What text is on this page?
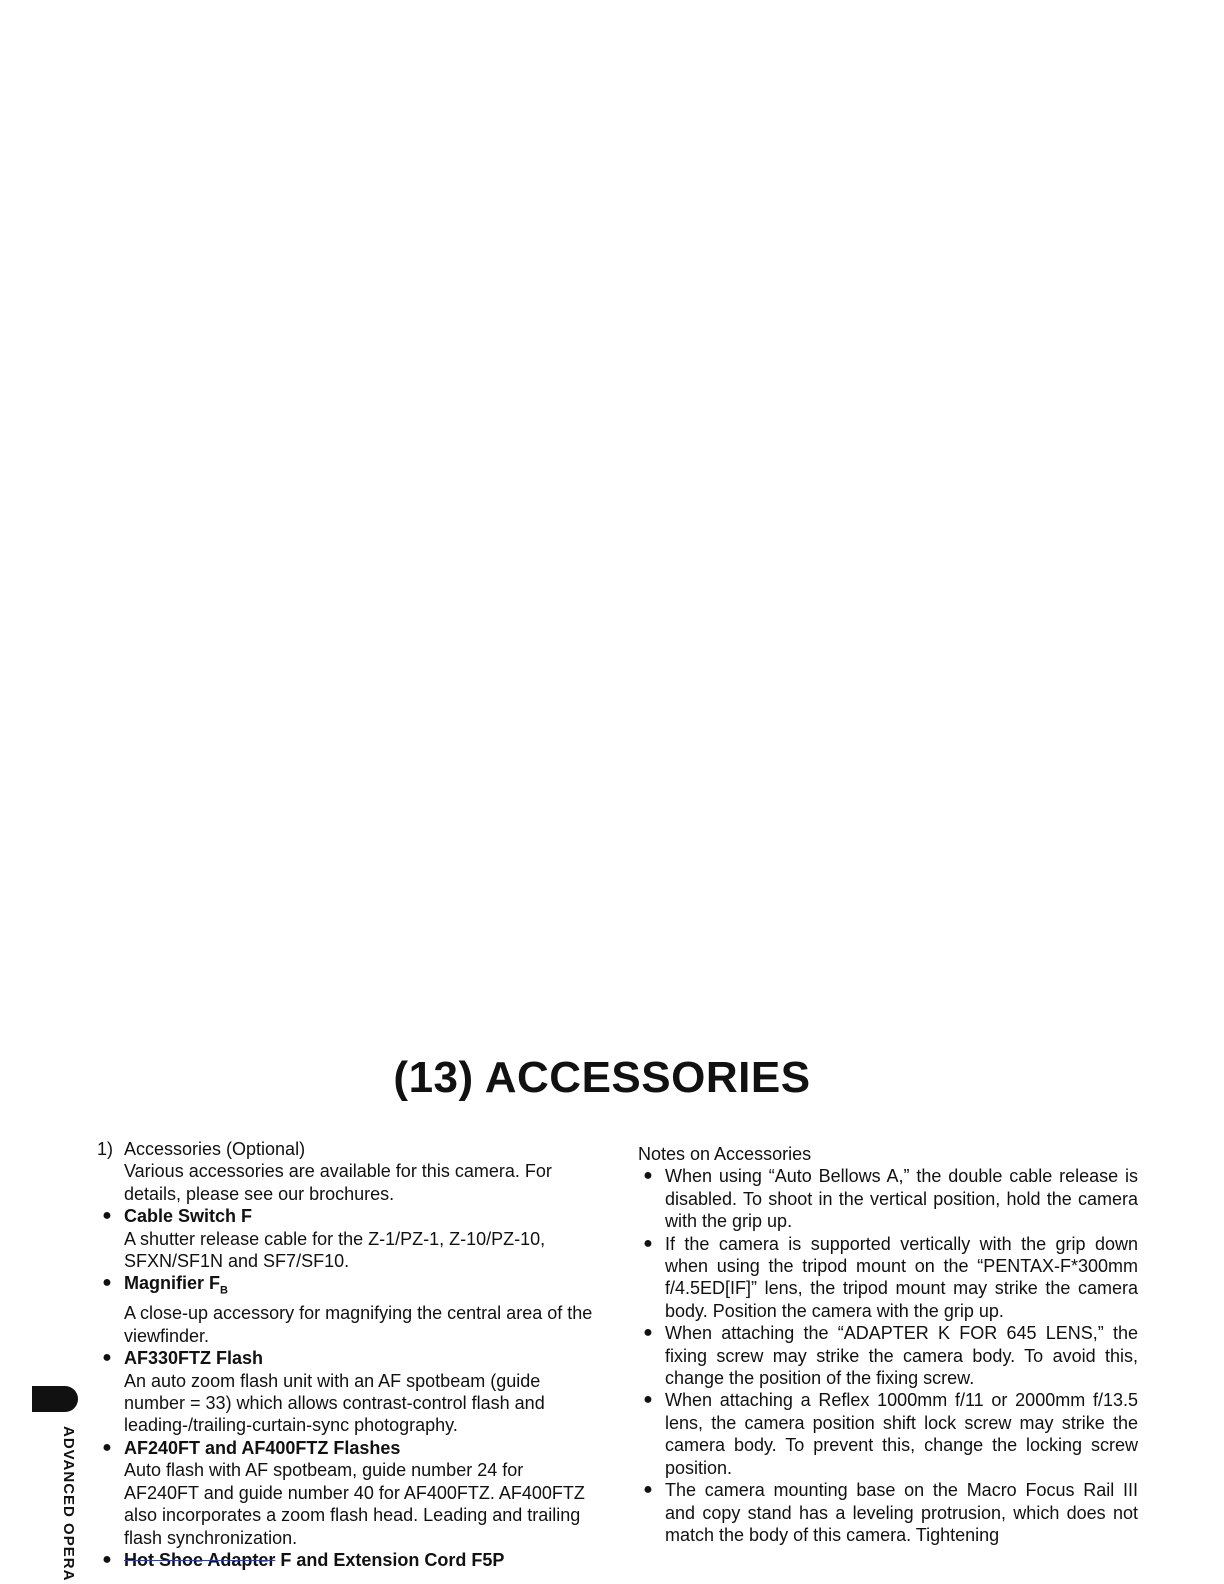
(13) ACCESSORIES
1) Accessories (Optional)
Various accessories are available for this camera. For details, please see our brochures.
● Cable Switch F
A shutter release cable for the Z-1/PZ-1, Z-10/PZ-10, SFXN/SF1N and SF7/SF10.
● Magnifier $F_B$
A close-up accessory for magnifying the central area of the viewfinder.
● AF330FTZ Flash
An auto zoom flash unit with an AF spotbeam (guide number = 33) which allows contrast-control flash and leading-/trailing-curtain-sync photography.
● AF240FT and AF400FTZ Flashes
Auto flash with AF spotbeam, guide number 24 for AF240FT and guide number 40 for AF400FTZ. AF400FTZ also incorporates a zoom flash head. Leading and trailing flash synchronization.
● Hot Shoe Adapter F and Extension Cord F5P
Notes on Accessories
● When using “Auto Bellows A,” the double cable release is disabled. To shoot in the vertical position, hold the camera with the grip up.
● If the camera is supported vertically with the grip down when using the tripod mount on the “PENTAX-F*300mm f/4.5ED[IF]” lens, the tripod mount may strike the camera body. Position the camera with the grip up.
● When attaching the “ADAPTER K FOR 645 LENS,” the fixing screw may strike the camera body. To avoid this, change the position of the fixing screw.
● When attaching a Reflex 1000mm f/11 or 2000mm f/13.5 lens, the camera position shift lock screw may strike the camera body. To prevent this, change the locking screw position.
● The camera mounting base on the Macro Focus Rail III and copy stand has a leveling protrusion, which does not match the body of this camera. Tightening
ADVANCED OPERA
